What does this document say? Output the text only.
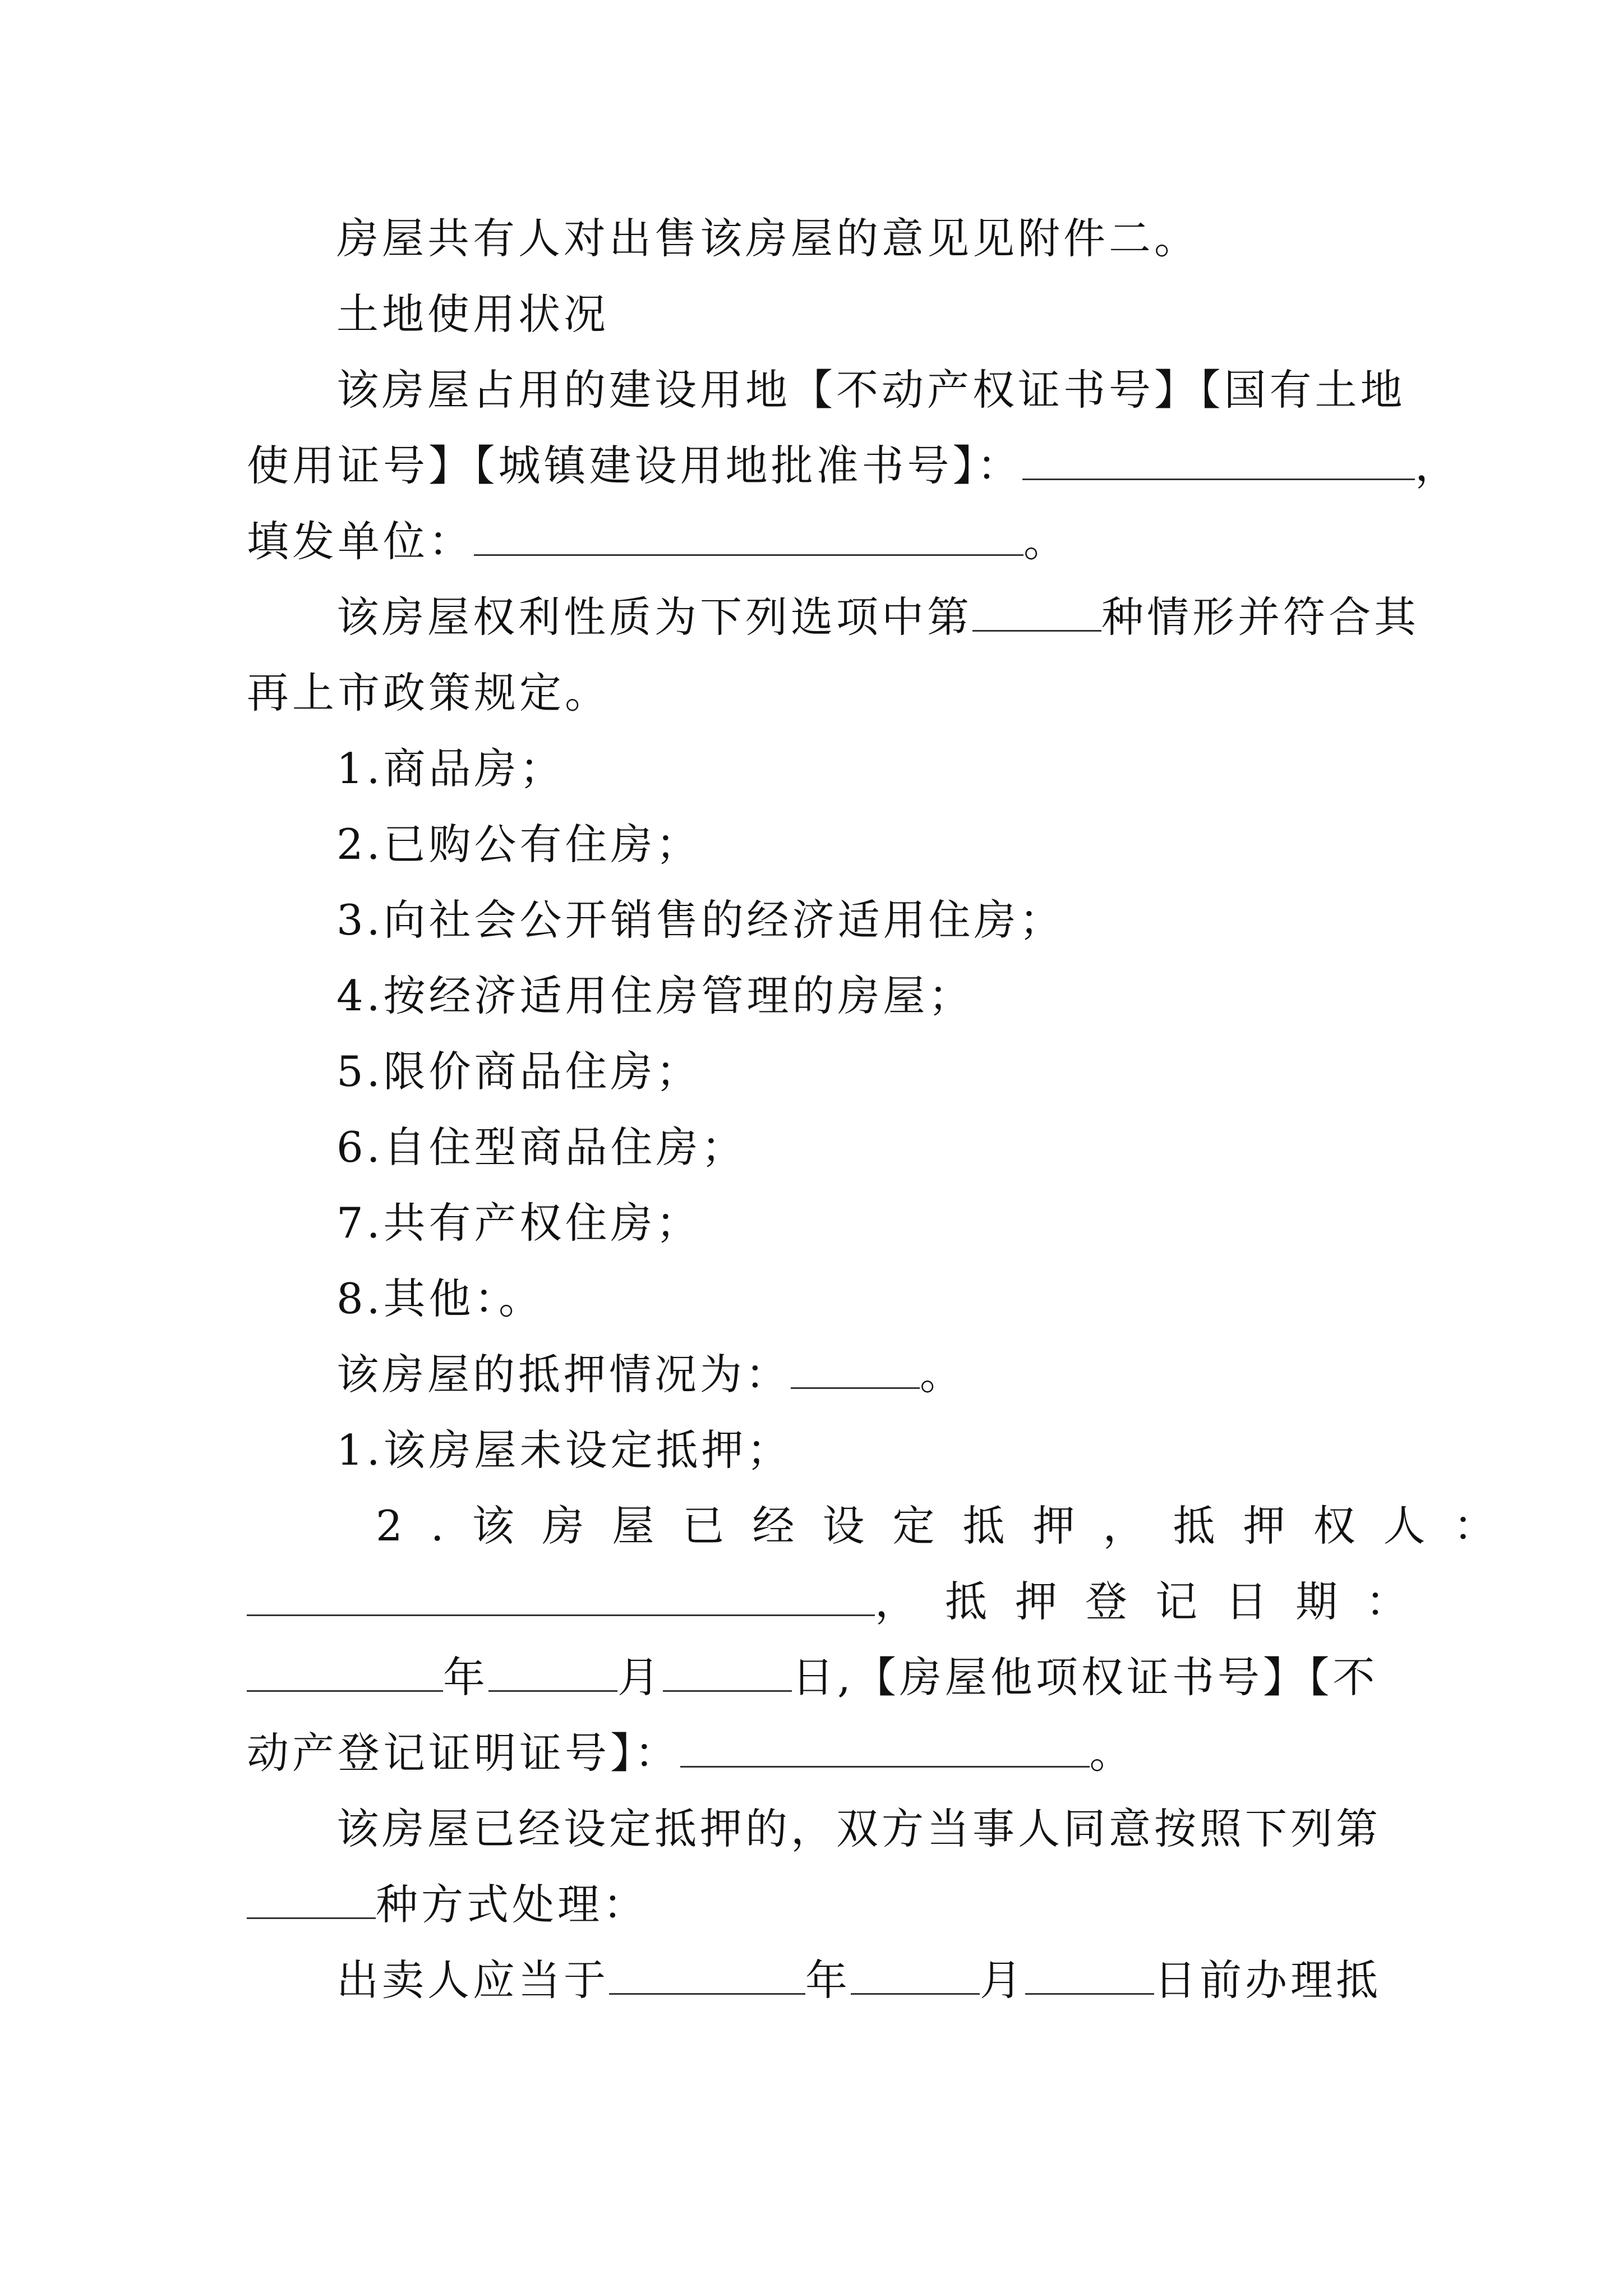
房屋共有人对出售该房屋的意见见附件二。
土地使用状况
该房屋占用的建设用地【不动产权证书号】【国有土地
使用证号】【城镇建设用地批准书号】：	，
填发单位：	。
该房屋权利性质为下列选项中第	种情形并符合其
再上市政策规定。
1.商品房；
2.已购公有住房；
3.向社会公开销售的经济适用住房；
4.按经济适用住房管理的房屋；
5.限价商品住房；
6.自住型商品住房；
7.共有产权住房；
8.其他：。
该房屋的抵押情况为：	。
1.该房屋未设定抵押；
2.该房屋已经设定抵押，抵押权人：
，抵押登记日期：
年	月	日,【房屋他项权证书号】【不
动产登记证明证号】：	。
该房屋已经设定抵押的，双方当事人同意按照下列第
种方式处理：
出卖人应当于	年	月	日前办理抵
